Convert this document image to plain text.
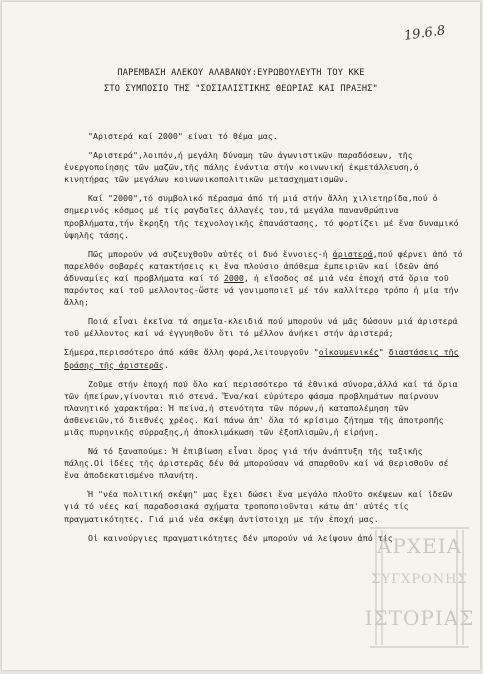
19.6.8
ΠΑΡΕΜΒΑΣΗ ΑΛΕΚΟΥ ΑΛΑΒΑΝΟΥ:ΕΥΡΩΒΟΥΛΕΥΤΗ ΤΟΥ ΚΚΕ
ΣΤΟ ΣΥΜΠΟΣΙΟ ΤΗΣ "ΣΟΣΙΑΛΙΣΤΙΚΗΣ ΘΕΩΡΙΑΣ ΚΑΙ ΠΡΑΞΗΣ"

"Αριστερά καί 2000" είναι τό θέμα μας.

"Αριστερά",λοιπόν,ή μεγάλη δύναμη τῶν ἀγωνιστικῶν παραδόσεων, τῆς ἐνεργοποίησης τῶν μαζῶν,τῆς πάλης ἐνάντια στήν κοινωνική ἐκμετάλλευση,ὁ κινητήρας τῶν μεγάλων κοινωνικοπολιτικῶν μετασχηματισμῶν.

Καί "2000",τό συμβολικό πέρασμα ἀπό τή μιά στήν ἄλλη χιλιετηρίδα,πού ὁ σημερινός κόσμος μέ τίς ραγδαῖες ἀλλαγές του,τά μεγάλα πανανθρώπινα προβλήματα,τήν ἔκρηξη τῆς τεχνολογικῆς ἐπανάστασης, τό φορτίζει μέ ἕνα δυναμικό ὑψηλῆς τάσης.

Πῶς μπορούν νά συζευχθοῦν αὐτές οἱ δυό ἔννοιες-ἡ ἀριστερά,πού φέρνει ἀπό τό παρελθόν σοβαρές κατακτήσεις κι ἕνα πλούσιο ἀπόθεμα ἐμπειριῶν καί ἰδεῶν ἀπό ἀδυναμίες καί προβλήματα καί τό 2000, ἡ εἴσοδος σέ μιά νέα ἐποχή στά ὅρια τοῦ παρόντος καί τοῦ μελλοντος-ὥστε νά γονιμοποιεῖ μέ τόν καλλίτερο τρόπο ἡ μία τήν ἄλλη;

Ποιά εἶναι ἐκεῖνα τά σημεῖα-κλειδιά πού μπορούν νά μᾶς δώσουν μιά ἀριστερά τοῦ μέλλοντος καί νά ἐγγυηθοῦν ὅτι τό μέλλον ἀνήκει στήν ἀριστερά;

Σήμερα,περισσότερο ἀπό κάθε ἄλλη φορά,λειτουργοῦν "οἰκουμενικές" διαστάσεις τῆς δράσης τῆς ἀριστερᾶς.

Ζοῦμε στήν ἐποχή πού ὅλο καί περισσότερο τά ἐθνικά σύνορα,ἀλλά καί τά ὅρια τῶν ἠπείρων,γίνονται πιό στενά. Ἕνα/καί εὐρύτερο φάσμα προβλημάτων παίρνουν πλανητικό χαρακτήρα: Ἡ πείνα,ἡ στενότητα τῶν πόρων,ἡ καταπολέμηση τῶν ἀσθενειῶν,τό διεθνές χρέος. Καί πάνω ἀπ' ὅλα τό κρίσιμο ζήτημα τῆς ἀποτροπῆς μιᾶς πυρηνικῆς σύρραξης,ἡ ἀποκλιμάκωση τῶν ἐξοπλισμῶν,ἡ εἰρήνη.

Νά τό ξαναπούμε: Ἡ ἐπιβίωση εἶναι ὅρος γιά τήν ἀνάπτυξη τῆς ταξικῆς πάλης.Οἱ ἰδέες τῆς ἀριστερᾶς δέν θά μπορούσαν νά σπαρθοῦν καί νά θερισθοῦν σέ ἕνα ἀποδεκατισμένο πλανήτη.

Ἡ "νέα πολιτική σκέψη" μας ἔχει δώσει ἕνα μεγάλο πλοῦτο σκέψεων καί ἰδεῶν γιά τό νέες καί παραδοσιακά σχήματα τροποποιοῦνται κάτω ἀπ' αὐτές τίς πραγματικότητες. Γιά μιά νέα σκέψη ἀντίστοιχη με τήν ἐποχή μας.

Οἱ καινούργιες πραγματικότητες δέν μπορούν νά λείψουν ἀπό τίς

ΑΡΧΕΙΑ
ΣΥΓΧΡΟΝΗΣ
ΙΣΤΟΡΙΑΣ
